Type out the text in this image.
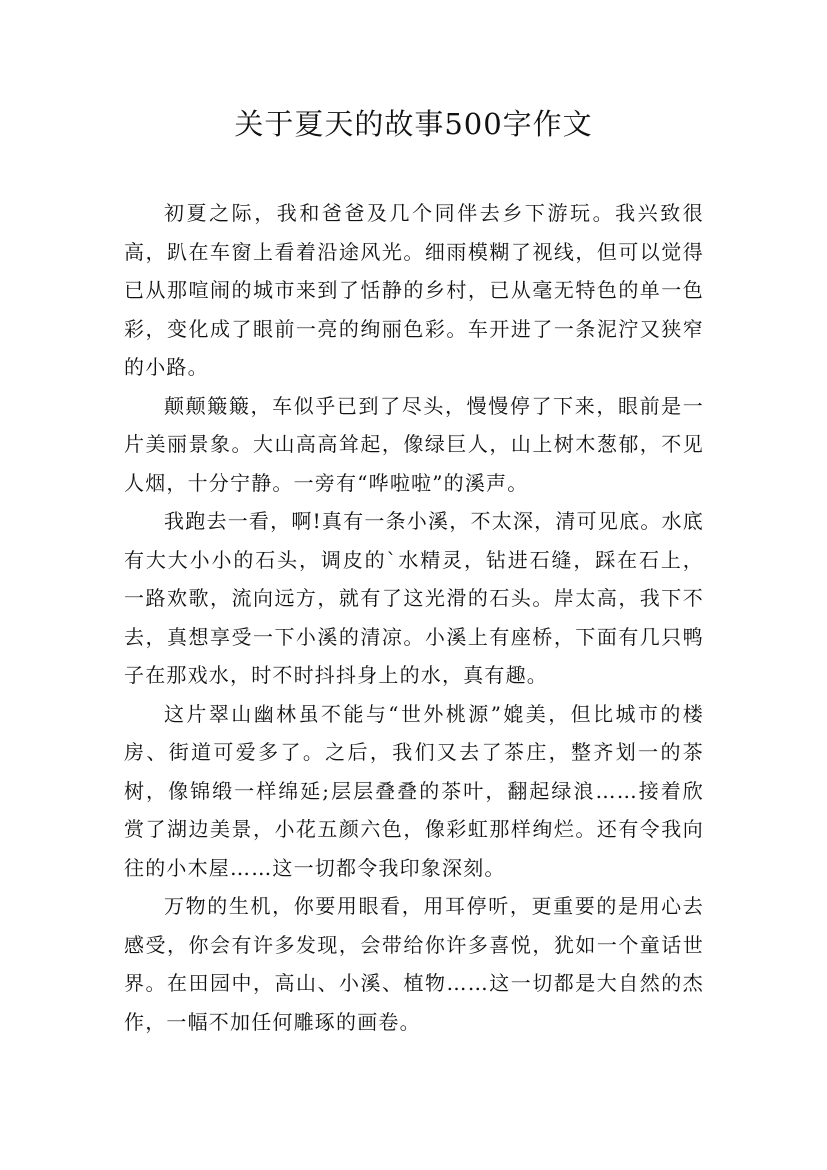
关于夏天的故事500字作文

初夏之际，我和爸爸及几个同伴去乡下游玩。我兴致很高，趴在车窗上看着沿途风光。细雨模糊了视线，但可以觉得已从那喧闹的城市来到了恬静的乡村，已从毫无特色的单一色彩，变化成了眼前一亮的绚丽色彩。车开进了一条泥泞又狭窄的小路。

颠颠簸簸，车似乎已到了尽头，慢慢停了下来，眼前是一片美丽景象。大山高高耸起，像绿巨人，山上树木葱郁，不见人烟，十分宁静。一旁有“哗啦啦”的溪声。

我跑去一看，啊!真有一条小溪，不太深，清可见底。水底有大大小小的石头，调皮的`水精灵，钻进石缝，踩在石上，一路欢歌，流向远方，就有了这光滑的石头。岸太高，我下不去，真想享受一下小溪的清凉。小溪上有座桥，下面有几只鸭子在那戏水，时不时抖抖身上的水，真有趣。

这片翠山幽林虽不能与“世外桃源”媲美，但比城市的楼房、街道可爱多了。之后，我们又去了茶庄，整齐划一的茶树，像锦缎一样绵延;层层叠叠的茶叶，翻起绿浪……接着欣赏了湖边美景，小花五颜六色，像彩虹那样绚烂。还有令我向往的小木屋……这一切都令我印象深刻。

万物的生机，你要用眼看，用耳停听，更重要的是用心去感受，你会有许多发现，会带给你许多喜悦，犹如一个童话世界。在田园中，高山、小溪、植物……这一切都是大自然的杰作，一幅不加任何雕琢的画卷。
